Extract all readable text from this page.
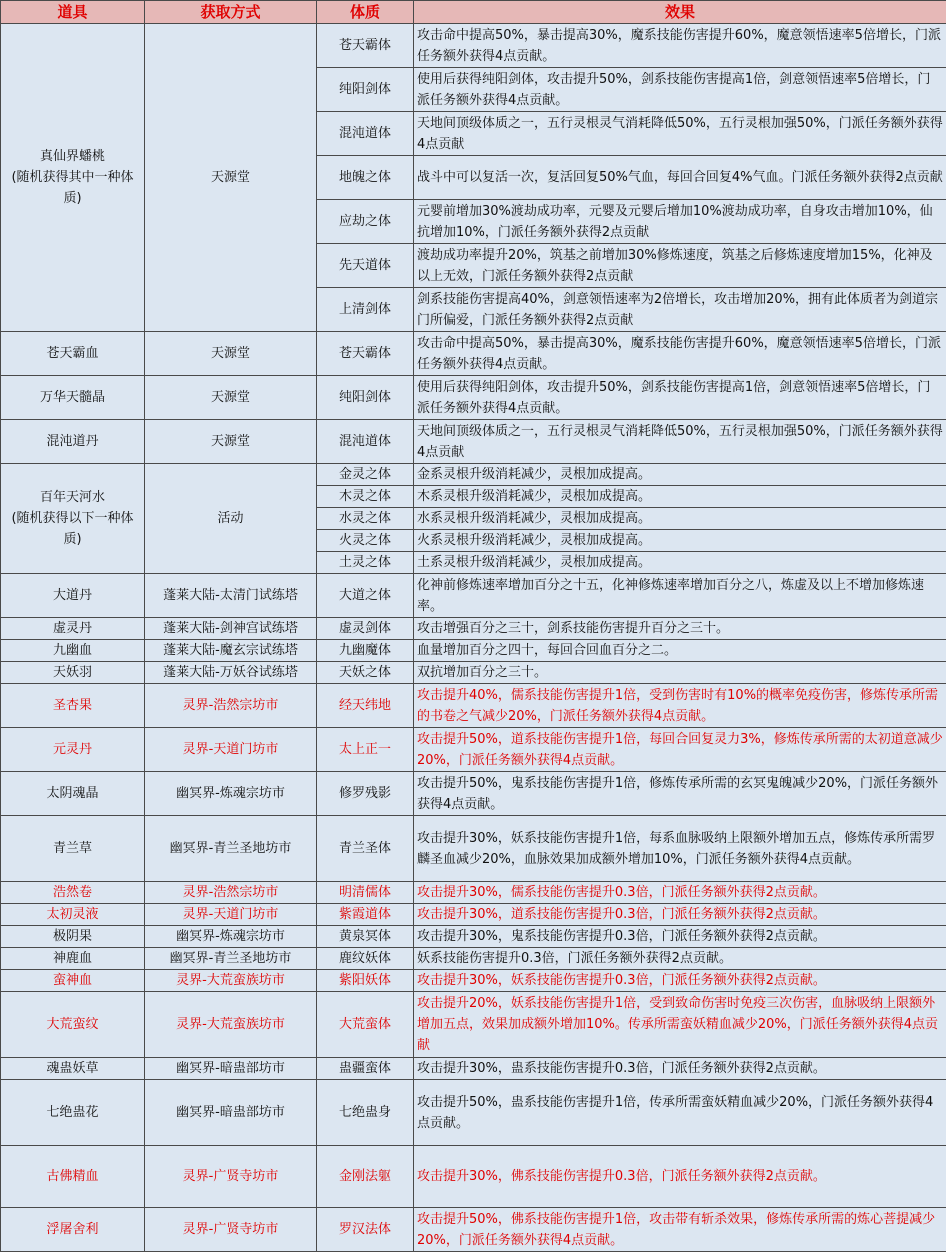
道具	获取方式	体质	效果
真仙界蟠桃
(随机获得其中一种体质)	天源堂	苍天霸体	攻击命中提高50%，暴击提高30%，魔系技能伤害提升60%，魔意领悟速率5倍增长，门派任务额外获得4点贡献。
		纯阳剑体	使用后获得纯阳剑体，攻击提升50%，剑系技能伤害提高1倍，剑意领悟速率5倍增长，门派任务额外获得4点贡献。
		混沌道体	天地间顶级体质之一，五行灵根灵气消耗降低50%，五行灵根加强50%，门派任务额外获得4点贡献
		地魄之体	战斗中可以复活一次，复活回复50%气血，每回合回复4%气血。门派任务额外获得2点贡献
		应劫之体	元婴前增加30%渡劫成功率，元婴及元婴后增加10%渡劫成功率，自身攻击增加10%，仙抗增加10%，门派任务额外获得2点贡献
		先天道体	渡劫成功率提升20%，筑基之前增加30%修炼速度，筑基之后修炼速度增加15%，化神及以上无效，门派任务额外获得2点贡献
		上清剑体	剑系技能伤害提高40%，剑意领悟速率为2倍增长，攻击增加20%，拥有此体质者为剑道宗门所偏爱，门派任务额外获得2点贡献
苍天霸血	天源堂	苍天霸体	攻击命中提高50%，暴击提高30%，魔系技能伤害提升60%，魔意领悟速率5倍增长，门派任务额外获得4点贡献。
万华天髓晶	天源堂	纯阳剑体	使用后获得纯阳剑体，攻击提升50%，剑系技能伤害提高1倍，剑意领悟速率5倍增长，门派任务额外获得4点贡献。
混沌道丹	天源堂	混沌道体	天地间顶级体质之一，五行灵根灵气消耗降低50%，五行灵根加强50%，门派任务额外获得4点贡献
百年天河水
(随机获得以下一种体质)	活动	金灵之体	金系灵根升级消耗减少，灵根加成提高。
		木灵之体	木系灵根升级消耗减少，灵根加成提高。
		水灵之体	水系灵根升级消耗减少，灵根加成提高。
		火灵之体	火系灵根升级消耗减少，灵根加成提高。
		土灵之体	土系灵根升级消耗减少，灵根加成提高。
大道丹	蓬莱大陆-太清门试练塔	大道之体	化神前修炼速率增加百分之十五，化神修炼速率增加百分之八，炼虚及以上不增加修炼速率。
虚灵丹	蓬莱大陆-剑神宫试练塔	虚灵剑体	攻击增强百分之三十，剑系技能伤害提升百分之三十。
九幽血	蓬莱大陆-魔玄宗试练塔	九幽魔体	血量增加百分之四十，每回合回血百分之二。
天妖羽	蓬莱大陆-万妖谷试练塔	天妖之体	双抗增加百分之三十。
圣杏果	灵界-浩然宗坊市	经天纬地	攻击提升40%，儒系技能伤害提升1倍，受到伤害时有10%的概率免疫伤害，修炼传承所需的书卷之气减少20%，门派任务额外获得4点贡献。
元灵丹	灵界-天道门坊市	太上正一	攻击提升50%，道系技能伤害提升1倍，每回合回复灵力3%，修炼传承所需的太初道意减少20%，门派任务额外获得4点贡献。
太阴魂晶	幽冥界-炼魂宗坊市	修罗残影	攻击提升50%，鬼系技能伤害提升1倍，修炼传承所需的玄冥鬼魄减少20%，门派任务额外获得4点贡献。
青兰草	幽冥界-青兰圣地坊市	青兰圣体	攻击提升30%，妖系技能伤害提升1倍，每系血脉吸纳上限额外增加五点，修炼传承所需罗麟圣血减少20%，血脉效果加成额外增加10%，门派任务额外获得4点贡献。
浩然卷	灵界-浩然宗坊市	明清儒体	攻击提升30%，儒系技能伤害提升0.3倍，门派任务额外获得2点贡献。
太初灵液	灵界-天道门坊市	紫霞道体	攻击提升30%，道系技能伤害提升0.3倍，门派任务额外获得2点贡献。
极阴果	幽冥界-炼魂宗坊市	黄泉冥体	攻击提升30%，鬼系技能伤害提升0.3倍，门派任务额外获得2点贡献。
神鹿血	幽冥界-青兰圣地坊市	鹿纹妖体	妖系技能伤害提升0.3倍，门派任务额外获得2点贡献。
蛮神血	灵界-大荒蛮族坊市	紫阳妖体	攻击提升30%，妖系技能伤害提升0.3倍，门派任务额外获得2点贡献。
大荒蛮纹	灵界-大荒蛮族坊市	大荒蛮体	攻击提升20%，妖系技能伤害提升1倍，受到致命伤害时免疫三次伤害，血脉吸纳上限额外增加五点，效果加成额外增加10%。传承所需蛮妖精血减少20%，门派任务额外获得4点贡献
魂蛊妖草	幽冥界-暗蛊部坊市	蛊疆蛮体	攻击提升30%，蛊系技能伤害提升0.3倍，门派任务额外获得2点贡献。
七绝蛊花	幽冥界-暗蛊部坊市	七绝蛊身	攻击提升50%，蛊系技能伤害提升1倍，传承所需蛮妖精血减少20%，门派任务额外获得4点贡献。
古佛精血	灵界-广贤寺坊市	金刚法躯	攻击提升30%，佛系技能伤害提升0.3倍，门派任务额外获得2点贡献。
浮屠舍利	灵界-广贤寺坊市	罗汉法体	攻击提升50%，佛系技能伤害提升1倍，攻击带有斩杀效果，修炼传承所需的炼心菩提减少20%，门派任务额外获得4点贡献。
